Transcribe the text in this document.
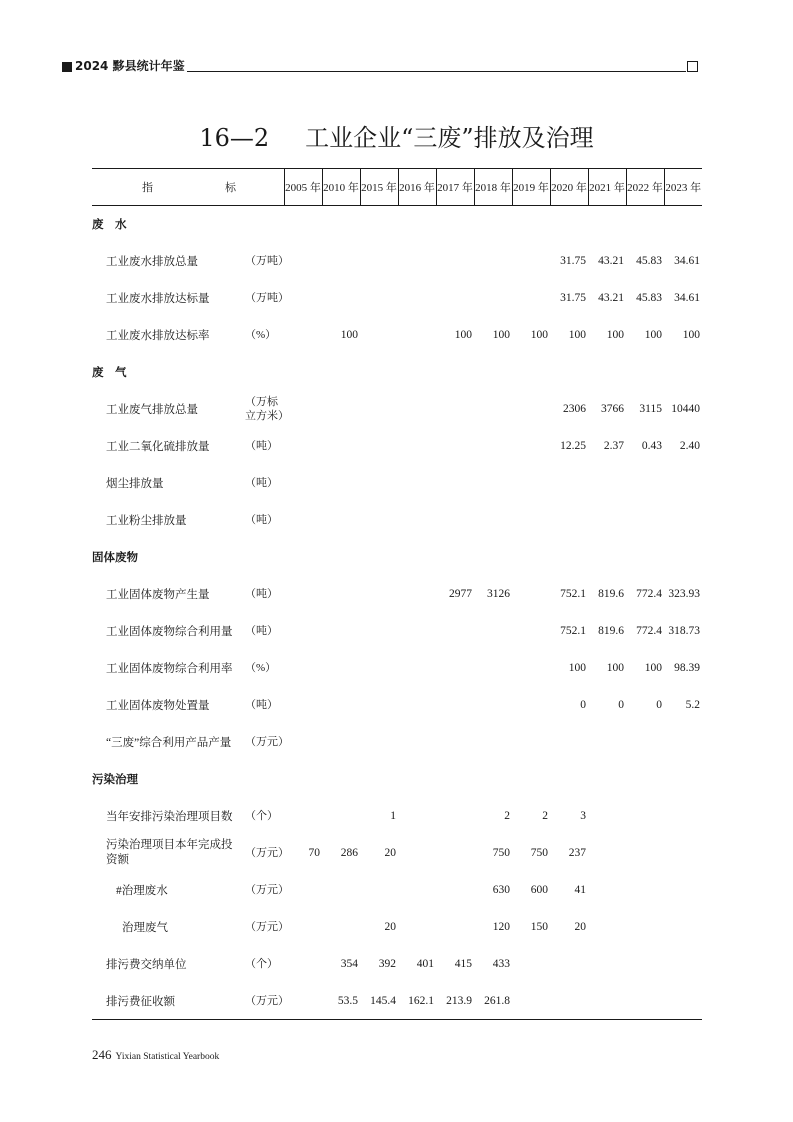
2024 黟县统计年鉴
16—2 工业企业“三废”排放及治理
指 标		2005 年	2010 年	2015 年	2016 年	2017 年	2018 年	2019 年	2020 年	2021 年	2022 年	2023 年
废　水												
工业废水排放总量	（万吨）								31.75	43.21	45.83	34.61
工业废水排放达标量	（万吨）								31.75	43.21	45.83	34.61
工业废水排放达标率	（%）		100			100	100	100	100	100	100	100
废　气												
工业废气排放总量	（万标立方米）								2306	3766	3115	10440
工业二氧化硫排放量	（吨）								12.25	2.37	0.43	2.40
烟尘排放量	（吨）											
工业粉尘排放量	（吨）											
固体废物												
工业固体废物产生量	（吨）					2977	3126		752.1	819.6	772.4	323.93
工业固体废物综合利用量	（吨）								752.1	819.6	772.4	318.73
工业固体废物综合利用率	（%）								100	100	100	98.39
工业固体废物处置量	（吨）								0	0	0	5.2
“三废”综合利用产品产量	（万元）											
污染治理												
当年安排污染治理项目数	（个）			1			2	2	3			
污染治理项目本年完成投资额	（万元）	70	286	20			750	750	237			
#治理废水	（万元）						630	600	41			
治理废气	（万元）			20			120	150	20			
排污费交纳单位	（个）		354	392	401	415	433					
排污费征收额	（万元）		53.5	145.4	162.1	213.9	261.8					
246 Yixian Statistical Yearbook
